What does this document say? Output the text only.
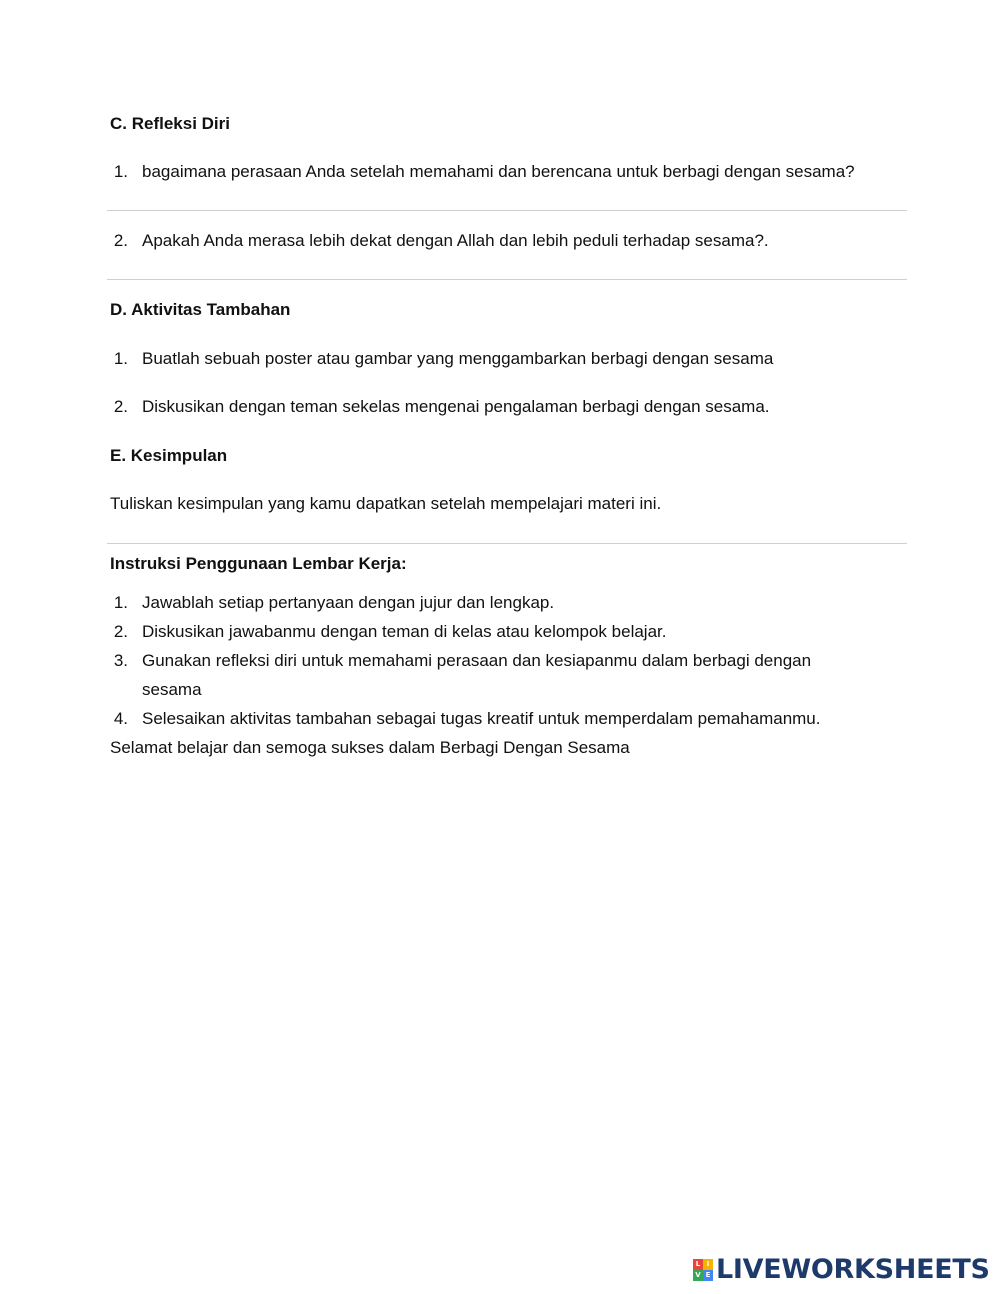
C. Refleksi Diri
1. bagaimana perasaan Anda setelah memahami dan berencana untuk berbagi dengan sesama?
2. Apakah Anda merasa lebih dekat dengan Allah dan lebih peduli terhadap sesama?.
D. Aktivitas Tambahan
1. Buatlah sebuah poster atau gambar yang menggambarkan berbagi dengan sesama
2. Diskusikan dengan teman sekelas mengenai pengalaman berbagi dengan sesama.
E. Kesimpulan
Tuliskan kesimpulan yang kamu dapatkan setelah mempelajari materi ini.
Instruksi Penggunaan Lembar Kerja:
1. Jawablah setiap pertanyaan dengan jujur dan lengkap.
2. Diskusikan jawabanmu dengan teman di kelas atau kelompok belajar.
3. Gunakan refleksi diri untuk memahami perasaan dan kesiapanmu dalam berbagi dengan
sesama
4. Selesaikan aktivitas tambahan sebagai tugas kreatif untuk memperdalam pemahamanmu.
Selamat belajar dan semoga sukses dalam Berbagi Dengan Sesama
L I
V E LIVEWORKSHEETS
